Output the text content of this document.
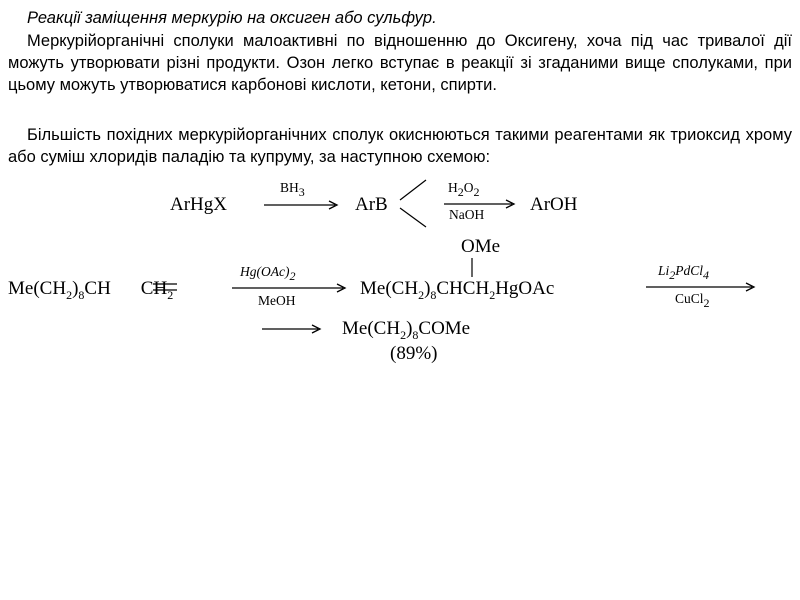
Реакції заміщення меркурію на оксиген або сульфур.

Меркурійорганічні сполуки малоактивні по відношенню до Оксигену, хоча під час тривалої дії можуть утворювати різні продукти. Озон легко вступає в реакції зі згаданими вище сполуками, при цьому можуть утворюватися карбонові кислоти, кетони, спирти.

Більшість похідних меркурійорганічних сполук окиснюються такими реагентами як триоксид хрому або суміш хлоридів паладію та купруму, за наступною схемою:

ArHgX
BH3
ArB
H2O2
NaOH ArOH
$Me(CH_2)_8CH$ $CH_2$
Hg(OAc)2
MeOH
OMe
$Me(CH_2)_8CHCH_2HgOAc$
Li2PdCl4
CuCl2
$Me(CH_2)_8COMe$
(89%)
